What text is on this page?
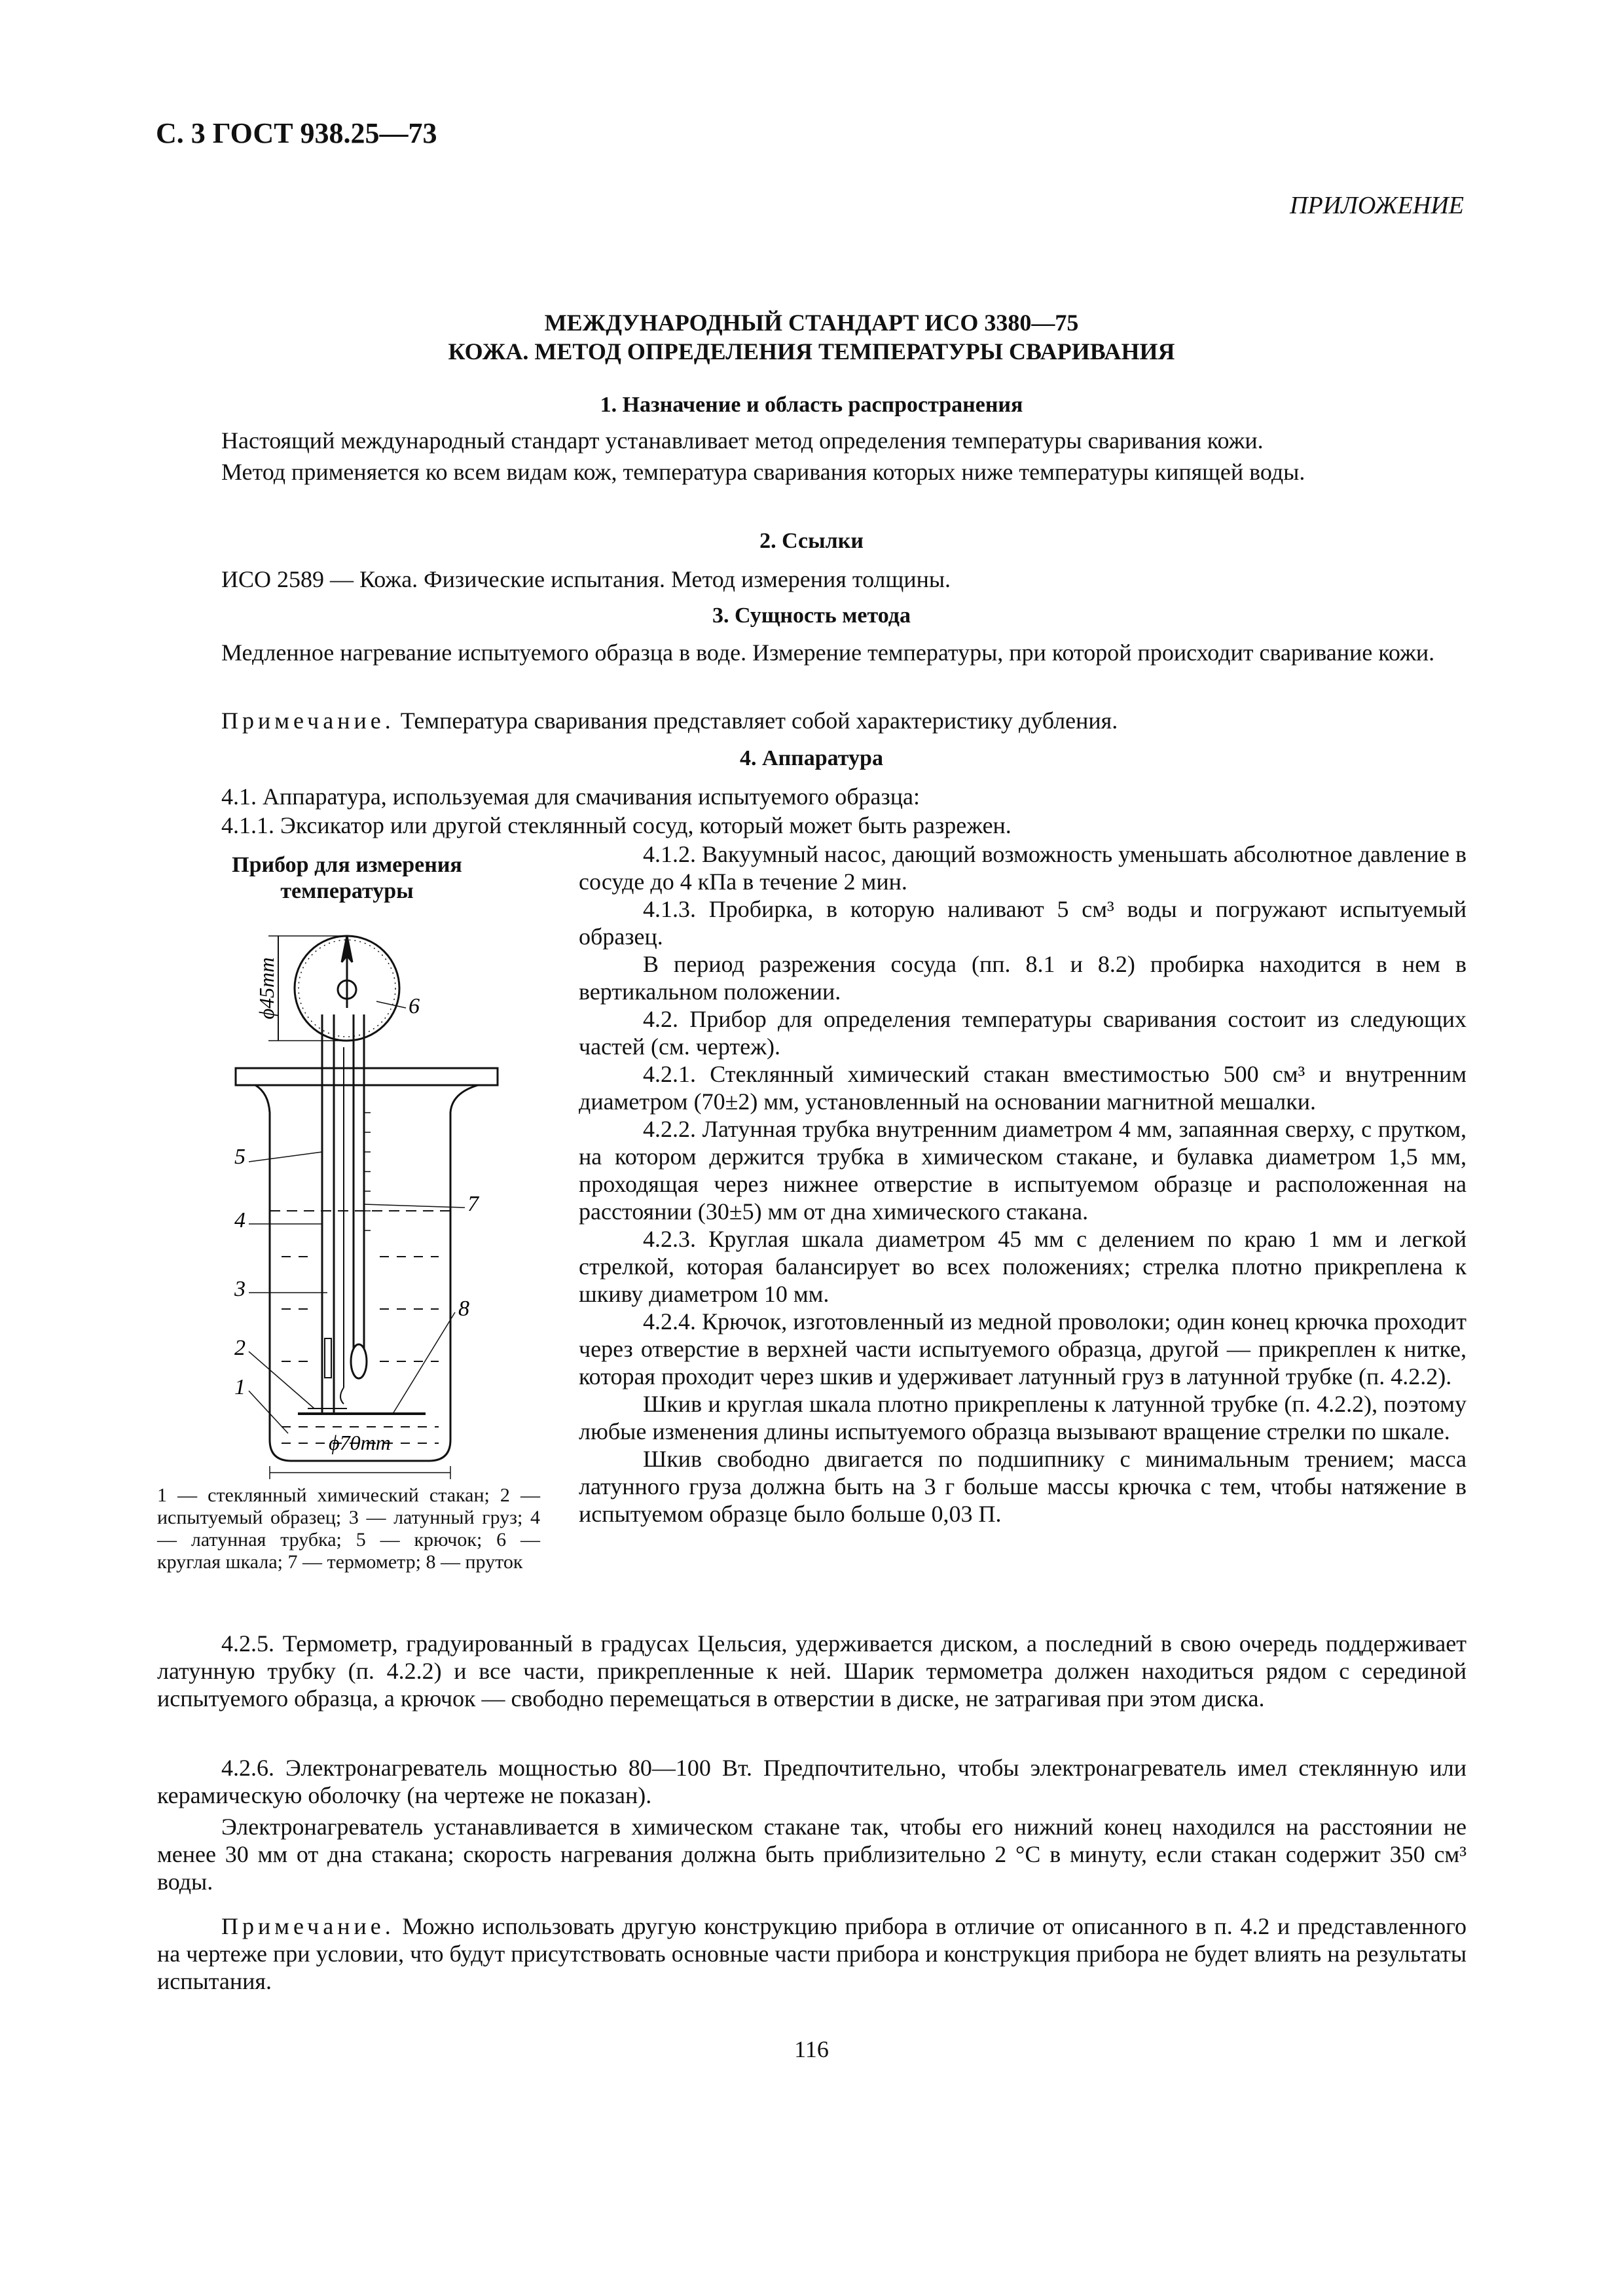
С. 3 ГОСТ 938.25—73
ПРИЛОЖЕНИЕ
МЕЖДУНАРОДНЫЙ СТАНДАРТ ИСО 3380—75
КОЖА. МЕТОД ОПРЕДЕЛЕНИЯ ТЕМПЕРАТУРЫ СВАРИВАНИЯ
1. Назначение и область распространения
Настоящий международный стандарт устанавливает метод определения температуры сваривания кожи.
Метод применяется ко всем видам кож, температура сваривания которых ниже температуры кипящей воды.
2. Ссылки
ИСО 2589 — Кожа. Физические испытания. Метод измерения толщины.
3. Сущность метода
Медленное нагревание испытуемого образца в воде. Измерение температуры, при которой происходит сваривание кожи.
Примечание. Температура сваривания представляет собой характеристику дубления.
4. Аппаратура
4.1. Аппаратура, используемая для смачивания испытуемого образца:
4.1.1. Эксикатор или другой стеклянный сосуд, который может быть разрежен.
Прибор для измерения температуры
4.1.2. Вакуумный насос, дающий возможность уменьшать абсолютное давление в сосуде до 4 кПа в течение 2 мин.
4.1.3. Пробирка, в которую наливают 5 см³ воды и погружают испытуемый образец.
В период разрежения сосуда (пп. 8.1 и 8.2) пробирка находится в нем в вертикальном положении.
4.2. Прибор для определения температуры сваривания состоит из следующих частей (см. чертеж).
4.2.1. Стеклянный химический стакан вместимостью 500 см³ и внутренним диаметром (70±2) мм, установленный на основании магнитной мешалки.
4.2.2. Латунная трубка внутренним диаметром 4 мм, запаянная сверху, с прутком, на котором держится трубка в химическом стакане, и булавка диаметром 1,5 мм, проходящая через нижнее отверстие в испытуемом образце и расположенная на расстоянии (30±5) мм от дна химического стакана.
4.2.3. Круглая шкала диаметром 45 мм с делением по краю 1 мм и легкой стрелкой, которая балансирует во всех положениях; стрелка плотно прикреплена к шкиву диаметром 10 мм.
4.2.4. Крючок, изготовленный из медной проволоки; один конец крючка проходит через отверстие в верхней части испытуемого образца, другой — прикреплен к нитке, которая проходит через шкив и удерживает латунный груз в латунной трубке (п. 4.2.2).
Шкив и круглая шкала плотно прикреплены к латунной трубке (п. 4.2.2), поэтому любые изменения длины испытуемого образца вызывают вращение стрелки по шкале.
Шкив свободно двигается по подшипнику с минимальным трением; масса латунного груза должна быть на 3 г больше массы крючка с тем, чтобы натяжение в испытуемом образце было больше 0,03 П.
ϕ45mm
ϕ70mm
6
5
4
3
2
1
7
8
1 — стеклянный химический стакан; 2 — испытуемый образец; 3 — латунный груз; 4 — латунная трубка; 5 — крючок; 6 — круглая шкала; 7 — термометр; 8 — пруток
4.2.5. Термометр, градуированный в градусах Цельсия, удерживается диском, а последний в свою очередь поддерживает латунную трубку (п. 4.2.2) и все части, прикрепленные к ней. Шарик термометра должен находиться рядом с серединой испытуемого образца, а крючок — свободно перемещаться в отверстии в диске, не затрагивая при этом диска.
4.2.6. Электронагреватель мощностью 80—100 Вт. Предпочтительно, чтобы электронагреватель имел стеклянную или керамическую оболочку (на чертеже не показан).
Электронагреватель устанавливается в химическом стакане так, чтобы его нижний конец находился на расстоянии не менее 30 мм от дна стакана; скорость нагревания должна быть приблизительно 2 °С в минуту, если стакан содержит 350 см³ воды.
Примечание. Можно использовать другую конструкцию прибора в отличие от описанного в п. 4.2 и представленного на чертеже при условии, что будут присутствовать основные части прибора и конструкция прибора не будет влиять на результаты испытания.
116
